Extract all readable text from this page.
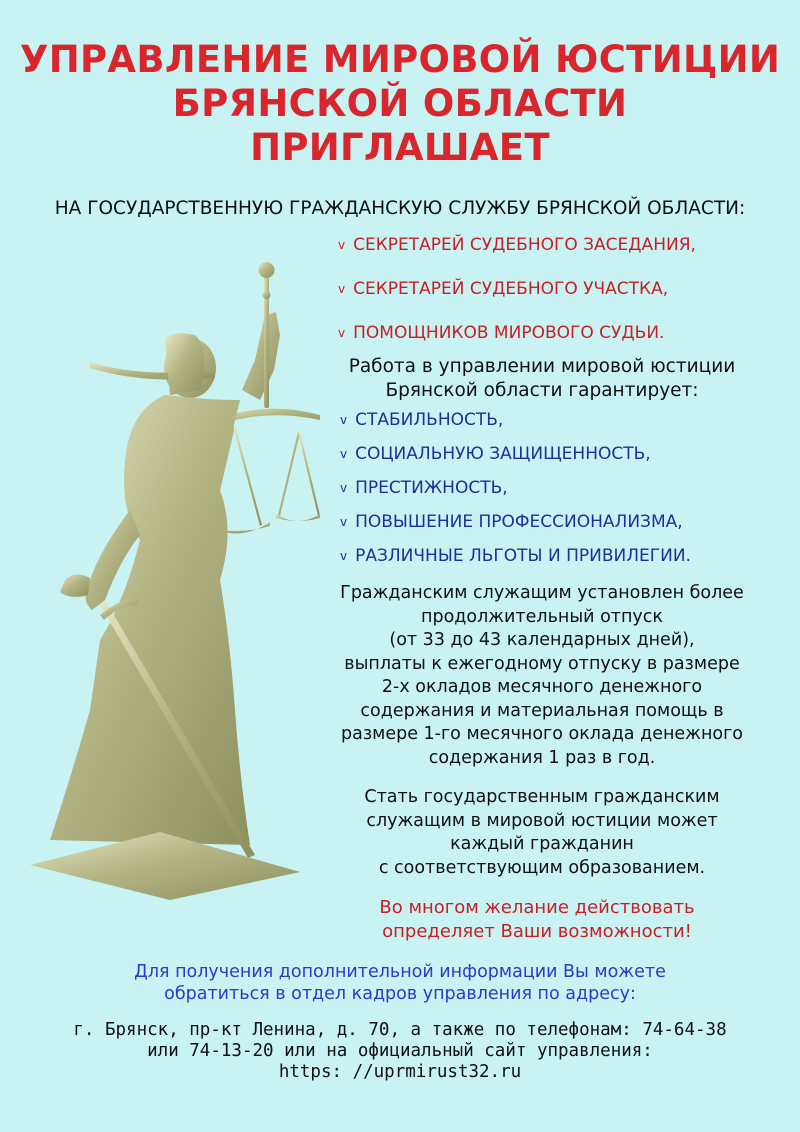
УПРАВЛЕНИЕ МИРОВОЙ ЮСТИЦИИ
БРЯНСКОЙ ОБЛАСТИ
ПРИГЛАШАЕТ
НА ГОСУДАРСТВЕННУЮ ГРАЖДАНСКУЮ СЛУЖБУ БРЯНСКОЙ ОБЛАСТИ:
v СЕКРЕТАРЕЙ СУДЕБНОГО ЗАСЕДАНИЯ,
v СЕКРЕТАРЕЙ СУДЕБНОГО УЧАСТКА,
v ПОМОЩНИКОВ МИРОВОГО СУДЬИ.
Работа в управлении мировой юстиции
Брянской области гарантирует:
v СТАБИЛЬНОСТЬ,
v СОЦИАЛЬНУЮ ЗАЩИЩЕННОСТЬ,
v ПРЕСТИЖНОСТЬ,
v ПОВЫШЕНИЕ ПРОФЕССИОНАЛИЗМА,
v РАЗЛИЧНЫЕ ЛЬГОТЫ И ПРИВИЛЕГИИ.
Гражданским служащим установлен более
продолжительный отпуск
(от 33 до 43 календарных дней),
выплаты к ежегодному отпуску в размере
2-х окладов месячного денежного
содержания и материальная помощь в
размере 1-го месячного оклада денежного
содержания 1 раз в год.
Стать государственным гражданским
служащим в мировой юстиции может
каждый гражданин
с соответствующим образованием.
Во многом желание действовать
определяет Ваши возможности!
Для получения дополнительной информации Вы можете
обратиться в отдел кадров управления по адресу:
г. Брянск, пр-кт Ленина, д. 70, а также по телефонам: 74-64-38
или 74-13-20 или на официальный сайт управления:
https: //uprmirust32.ru
